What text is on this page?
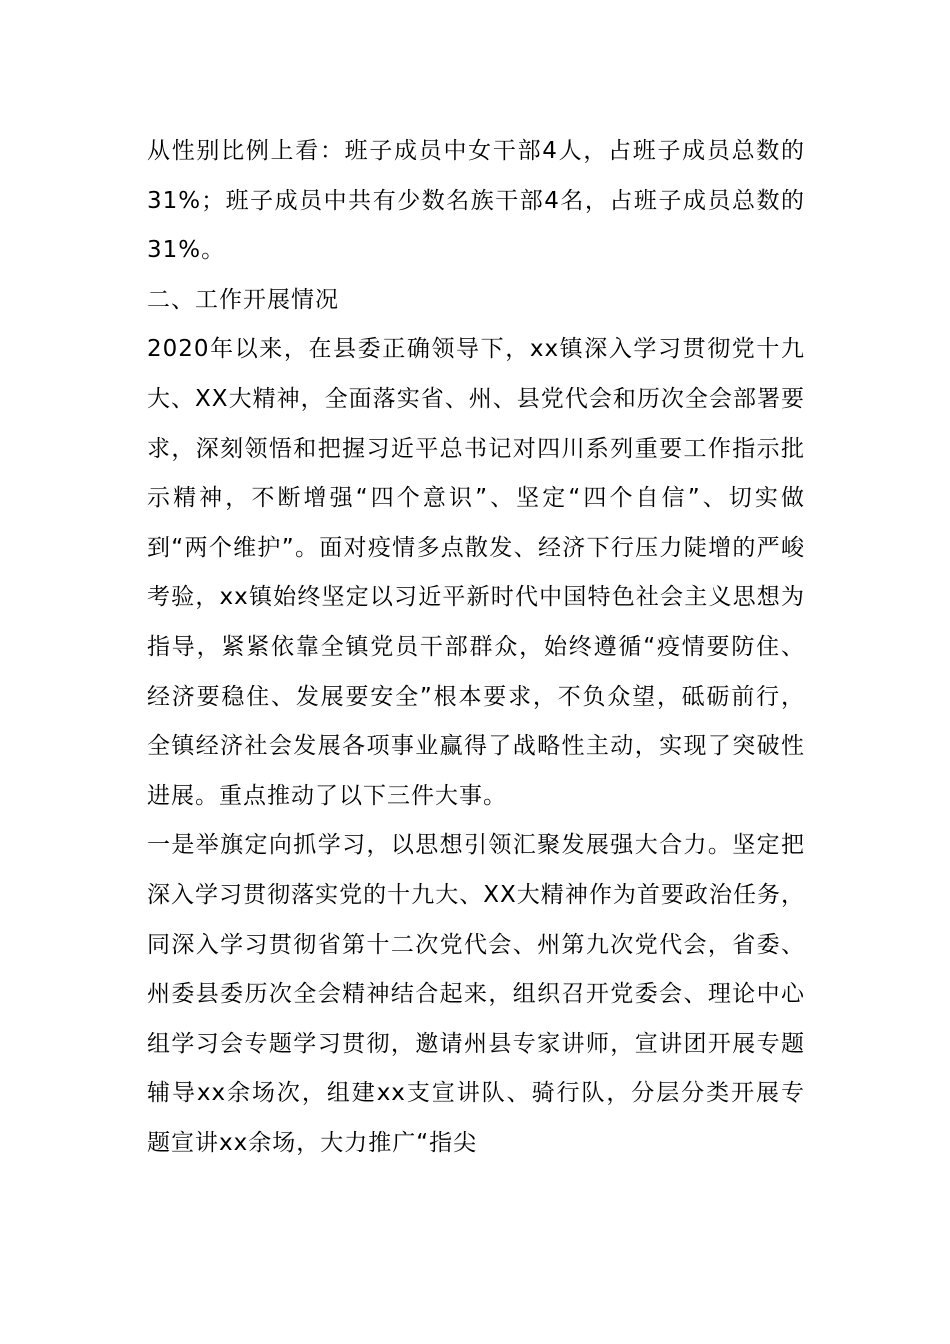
从性别比例上看：班子成员中女干部4人，占班子成员总数的31%；班子成员中共有少数名族干部4名，占班子成员总数的31%。

二、工作开展情况

2020年以来，在县委正确领导下，xx镇深入学习贯彻党十九大、XX大精神，全面落实省、州、县党代会和历次全会部署要求，深刻领悟和把握习近平总书记对四川系列重要工作指示批示精神，不断增强“四个意识”、坚定“四个自信”、切实做到“两个维护”。面对疫情多点散发、经济下行压力陡增的严峻考验，xx镇始终坚定以习近平新时代中国特色社会主义思想为指导，紧紧依靠全镇党员干部群众，始终遵循“疫情要防住、经济要稳住、发展要安全”根本要求，不负众望，砥砺前行，全镇经济社会发展各项事业赢得了战略性主动，实现了突破性进展。重点推动了以下三件大事。

一是举旗定向抓学习，以思想引领汇聚发展强大合力。坚定把深入学习贯彻落实党的十九大、XX大精神作为首要政治任务，同深入学习贯彻省第十二次党代会、州第九次党代会，省委、州委县委历次全会精神结合起来，组织召开党委会、理论中心组学习会专题学习贯彻，邀请州县专家讲师，宣讲团开展专题辅导xx余场次，组建xx支宣讲队、骑行队，分层分类开展专题宣讲xx余场，大力推广“指尖
